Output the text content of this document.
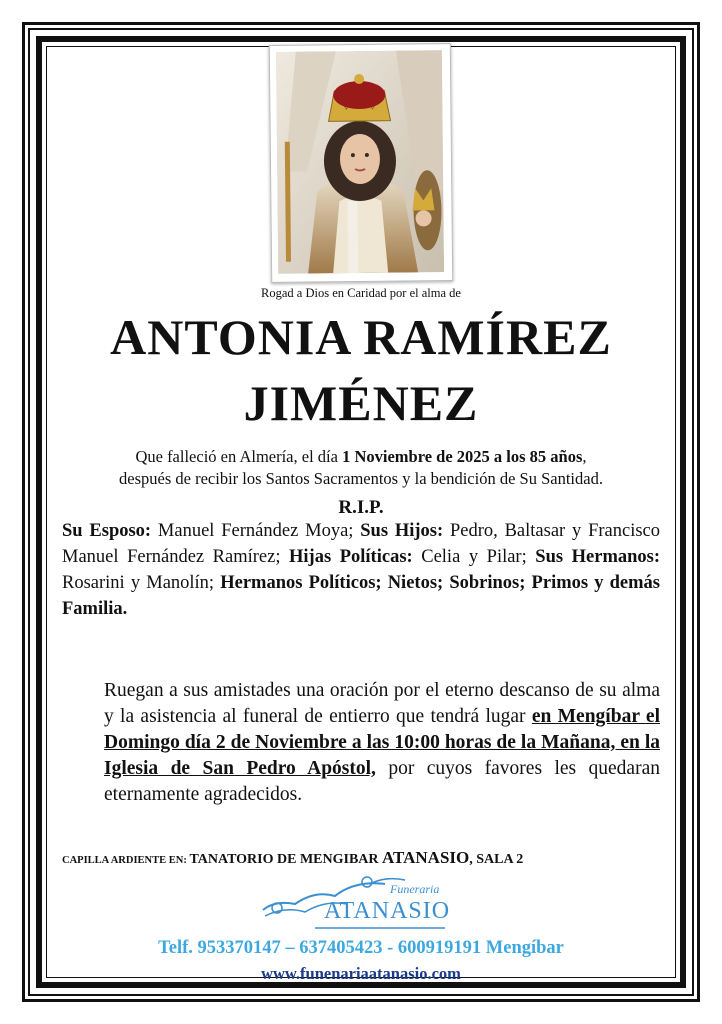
Rogad a Dios en Caridad por el alma de
ANTONIA RAMÍREZ
JIMÉNEZ
Que falleció en Almería, el día 1 Noviembre de 2025 a los 85 años,
después de recibir los Santos Sacramentos y la bendición de Su Santidad.
R.I.P.
Su Esposo: Manuel Fernández Moya; Sus Hijos: Pedro, Baltasar y Francisco Manuel Fernández Ramírez; Hijas Políticas: Celia y Pilar; Sus Hermanos: Rosarini y Manolín; Hermanos Políticos; Nietos; Sobrinos; Primos y demás Familia.
Ruegan a sus amistades una oración por el eterno descanso de su alma y la asistencia al funeral de entierro que tendrá lugar en Mengíbar el Domingo día 2 de Noviembre a las 10:00 horas de la Mañana, en la Iglesia de San Pedro Apóstol, por cuyos favores les quedaran eternamente agradecidos.
CAPILLA ARDIENTE EN: TANATORIO DE MENGIBAR ATANASIO, SALA 2
Funeraria
ATANASIO
Telf. 953370147 – 637405423 - 600919191 Mengíbar
www.funenariaatanasio.com
